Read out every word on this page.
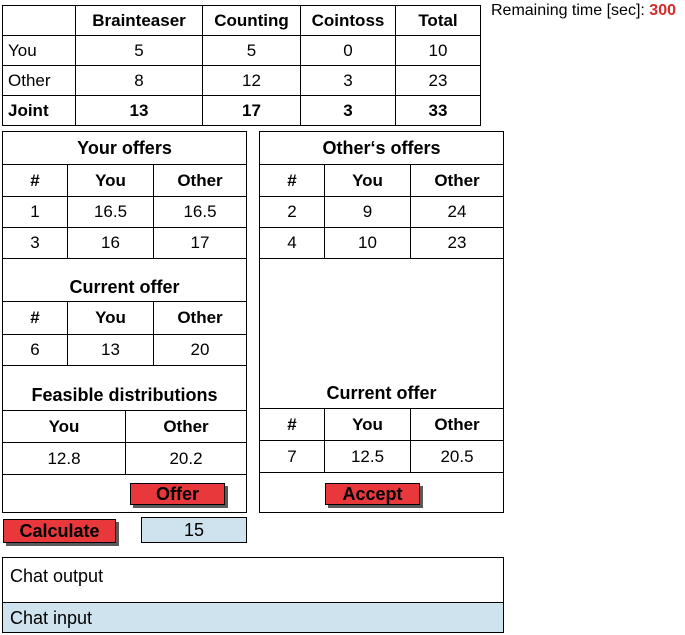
Remaining time [sec]: 300
	Brainteaser	Counting	Cointoss	Total
You	5	5	0	10
Other	8	12	3	23
Joint	13	17	3	33
Your offers
#	You	Other
1	16.5	16.5
3	16	17
Current offer
#	You	Other
6	13	20
Feasible distributions
You	Other
12.8	20.2
Offer
Other‘s offers
#	You	Other
2	9	24
4	10	23
Current offer
#	You	Other
7	12.5	20.5
Accept
Calculate	15
Chat output
Chat input
